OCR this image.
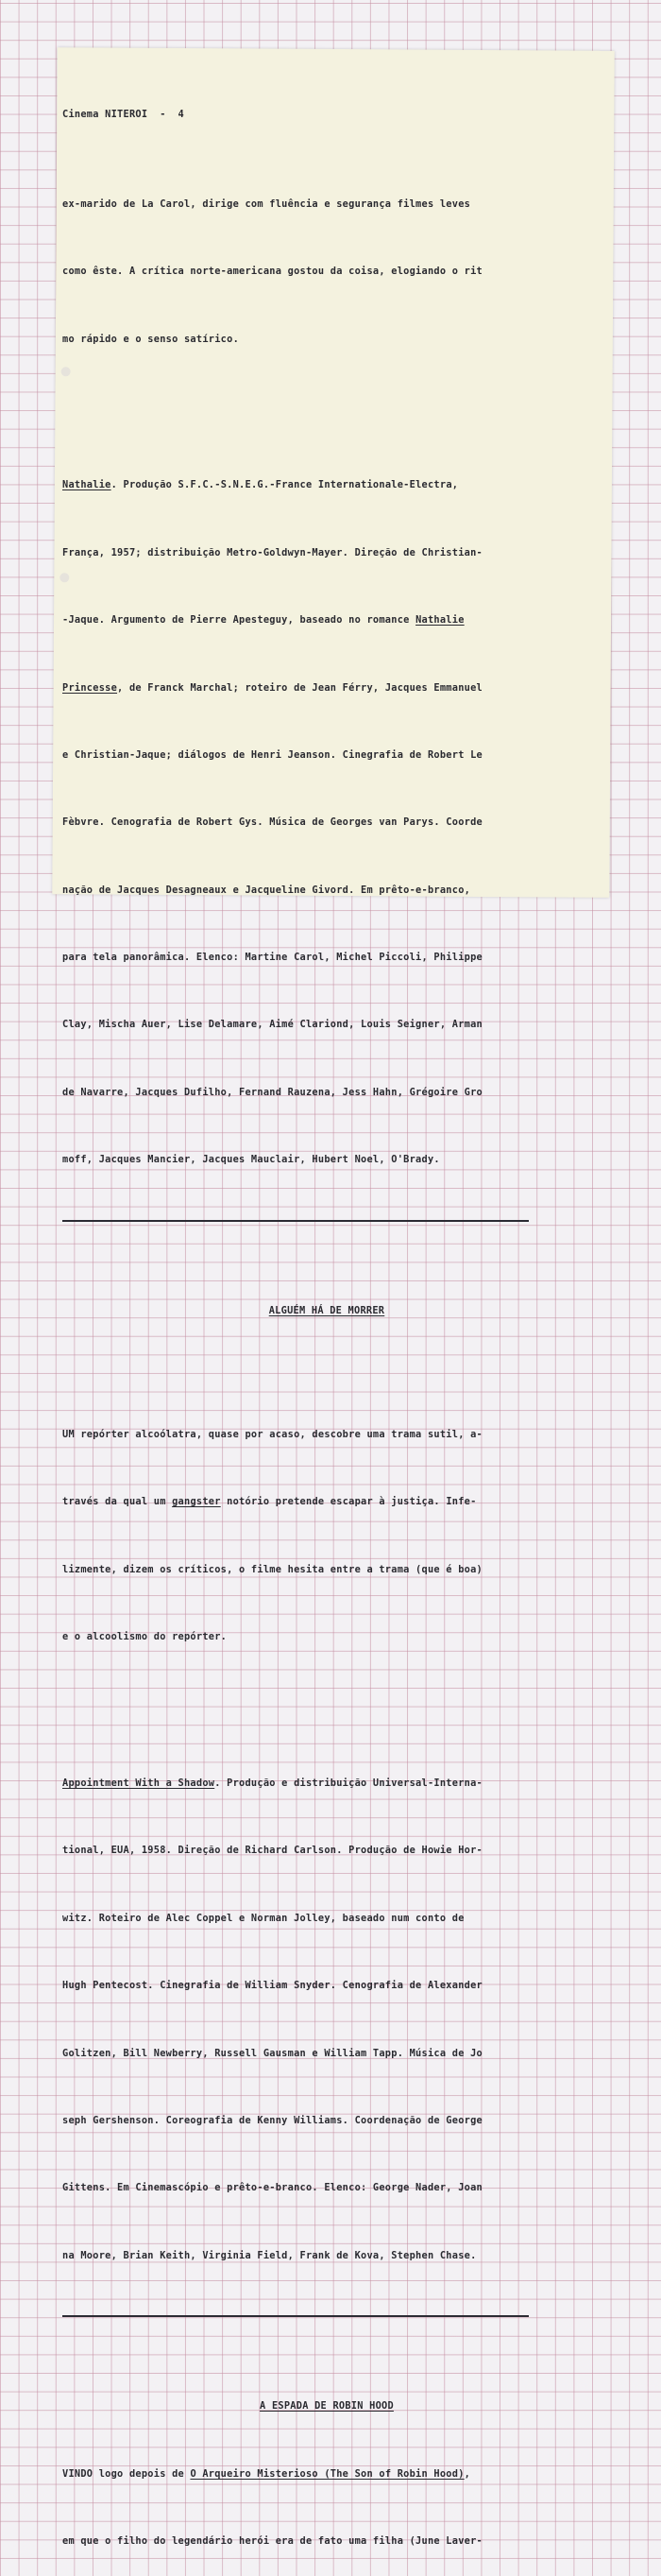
Cinema NITEROI  -  4

ex-marido de La Carol, dirige com fluência e segurança filmes leves

como êste. A crítica norte-americana gostou da coisa, elogiando o rit

mo rápido e o senso satírico.

Nathalie. Produção S.F.C.-S.N.E.G.-France Internationale-Electra,

França, 1957; distribuição Metro-Goldwyn-Mayer. Direção de Christian-

-Jaque. Argumento de Pierre Apesteguy, baseado no romance Nathalie

Princesse, de Franck Marchal; roteiro de Jean Férry, Jacques Emmanuel

e Christian-Jaque; diálogos de Henri Jeanson. Cinegrafia de Robert Le

Fèbvre. Cenografia de Robert Gys. Música de Georges van Parys. Coorde

nação de Jacques Desagneaux e Jacqueline Givord. Em prêto-e-branco,

para tela panorâmica. Elenco: Martine Carol, Michel Piccoli, Philippe

Clay, Mischa Auer, Lise Delamare, Aimé Clariond, Louis Seigner, Arman

de Navarre, Jacques Dufilho, Fernand Rauzena, Jess Hahn, Grégoire Gro

moff, Jacques Mancier, Jacques Mauclair, Hubert Noel, O'Brady.

ALGUÉM HÁ DE MORRER

UM repórter alcoólatra, quase por acaso, descobre uma trama sutil, a-

través da qual um gangster notório pretende escapar à justiça. Infe-

lizmente, dizem os críticos, o filme hesita entre a trama (que é boa)

e o alcoolismo do repórter.

Appointment With a Shadow. Produção e distribuição Universal-Interna-

tional, EUA, 1958. Direção de Richard Carlson. Produção de Howie Hor-

witz. Roteiro de Alec Coppel e Norman Jolley, baseado num conto de

Hugh Pentecost. Cinegrafia de William Snyder. Cenografia de Alexander

Golitzen, Bill Newberry, Russell Gausman e William Tapp. Música de Jo

seph Gershenson. Coreografia de Kenny Williams. Coordenação de George

Gittens. Em Cinemascópio e prêto-e-branco. Elenco: George Nader, Joan

na Moore, Brian Keith, Virginia Field, Frank de Kova, Stephen Chase.

A ESPADA DE ROBIN HOOD

VINDO logo depois de O Arqueiro Misterioso (The Son of Robin Hood),

em que o filho do legendário herói era de fato uma filha (June Laver-
